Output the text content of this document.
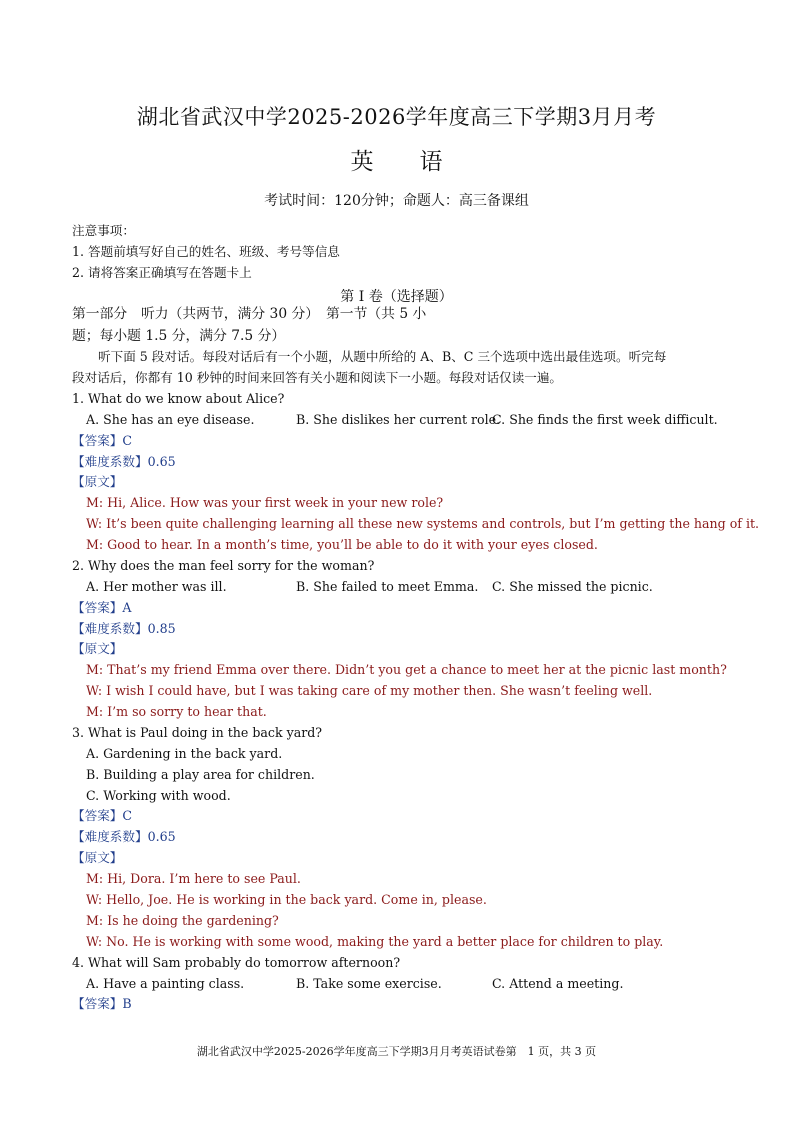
湖北省武汉中学2025-2026学年度高三下学期3月月考
英 语
考试时间：120分钟；命题人：高三备课组
注意事项：
1. 答题前填写好自己的姓名、班级、考号等信息
2. 请将答案正确填写在答题卡上
第 I 卷（选择题）
第一部分　听力（共两节，满分 30 分）　第一节（共 5 小
题；每小题 1.5 分，满分 7.5 分）
听下面 5 段对话。每段对话后有一个小题，从题中所给的 A、B、C 三个选项中选出最佳选项。听完每
段对话后，你都有 10 秒钟的时间来回答有关小题和阅读下一小题。每段对话仅读一遍。
1. What do we know about Alice?
A. She has an eye disease.	B. She dislikes her current role.
C. She finds the first week difficult.
【答案】C
【难度系数】0.65
【原文】
M: Hi, Alice. How was your first week in your new role?
W: It’s been quite challenging learning all these new systems and controls, but I’m getting the hang of it.
M: Good to hear. In a month’s time, you’ll be able to do it with your eyes closed.
2. Why does the man feel sorry for the woman?
A. Her mother was ill.	B. She failed to meet Emma. C. She missed the picnic.
【答案】A
【难度系数】0.85
【原文】
M: That’s my friend Emma over there. Didn’t you get a chance to meet her at the picnic last month?
W: I wish I could have, but I was taking care of my mother then. She wasn’t feeling well.
M: I’m so sorry to hear that.
3. What is Paul doing in the back yard?
A. Gardening in the back yard.
B. Building a play area for children.
C. Working with wood.
【答案】C
【难度系数】0.65
【原文】
M: Hi, Dora. I’m here to see Paul.
W: Hello, Joe. He is working in the back yard. Come in, please.
M: Is he doing the gardening?
W: No. He is working with some wood, making the yard a better place for children to play.
4. What will Sam probably do tomorrow afternoon?
A. Have a painting class.	B. Take some exercise.	C. Attend a meeting.
【答案】B
湖北省武汉中学2025-2026学年度高三下学期3月月考英语试卷第　1 页，共 3 页
